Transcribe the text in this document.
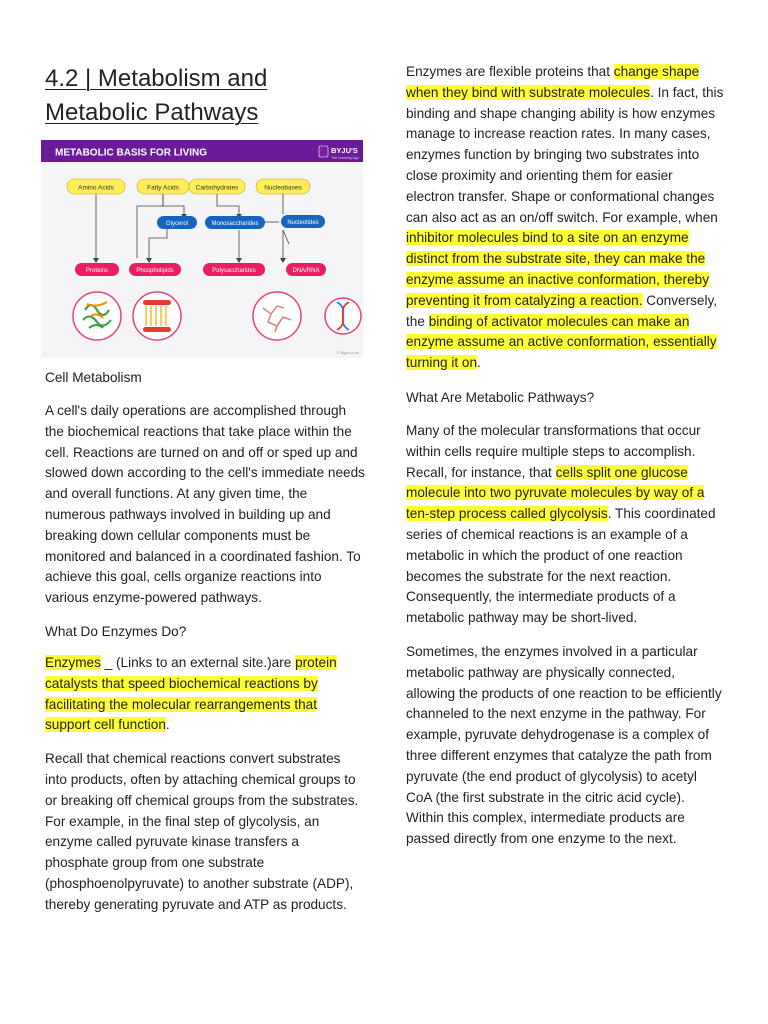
4.2 | Metabolism and
Metabolic Pathways
METABOLIC BASIS FOR LIVING	BYJU'S
The Learning App
Amino Acids	Fatty Acids	Carbohydrates	Nucleobases
Glycerol	Monosaccharides	Nucleotides
Proteins	Phospholipids	Polysaccharides	DNA/RNA
© Byjus.com

Cell Metabolism

A cell's daily operations are accomplished through the biochemical reactions that take place within the cell. Reactions are turned on and off or sped up and slowed down according to the cell's immediate needs and overall functions. At any given time, the numerous pathways involved in building up and breaking down cellular components must be monitored and balanced in a coordinated fashion. To achieve this goal, cells organize reactions into various enzyme-powered pathways.

What Do Enzymes Do?

Enzymes _ (Links to an external site.)are protein catalysts that speed biochemical reactions by facilitating the molecular rearrangements that support cell function.

Recall that chemical reactions convert substrates into products, often by attaching chemical groups to or breaking off chemical groups from the substrates. For example, in the final step of glycolysis, an enzyme called pyruvate kinase transfers a phosphate group from one substrate (phosphoenolpyruvate) to another substrate (ADP), thereby generating pyruvate and ATP as products.

Enzymes are flexible proteins that change shape when they bind with substrate molecules. In fact, this binding and shape changing ability is how enzymes manage to increase reaction rates. In many cases, enzymes function by bringing two substrates into close proximity and orienting them for easier electron transfer. Shape or conformational changes can also act as an on/off switch. For example, when inhibitor molecules bind to a site on an enzyme distinct from the substrate site, they can make the enzyme assume an inactive conformation, thereby preventing it from catalyzing a reaction. Conversely, the binding of activator molecules can make an enzyme assume an active conformation, essentially turning it on.

What Are Metabolic Pathways?

Many of the molecular transformations that occur within cells require multiple steps to accomplish. Recall, for instance, that cells split one glucose molecule into two pyruvate molecules by way of a ten-step process called glycolysis. This coordinated series of chemical reactions is an example of a metabolic in which the product of one reaction becomes the substrate for the next reaction. Consequently, the intermediate products of a metabolic pathway may be short-lived.

Sometimes, the enzymes involved in a particular metabolic pathway are physically connected, allowing the products of one reaction to be efficiently channeled to the next enzyme in the pathway. For example, pyruvate dehydrogenase is a complex of three different enzymes that catalyze the path from pyruvate (the end product of glycolysis) to acetyl CoA (the first substrate in the citric acid cycle). Within this complex, intermediate products are passed directly from one enzyme to the next.
